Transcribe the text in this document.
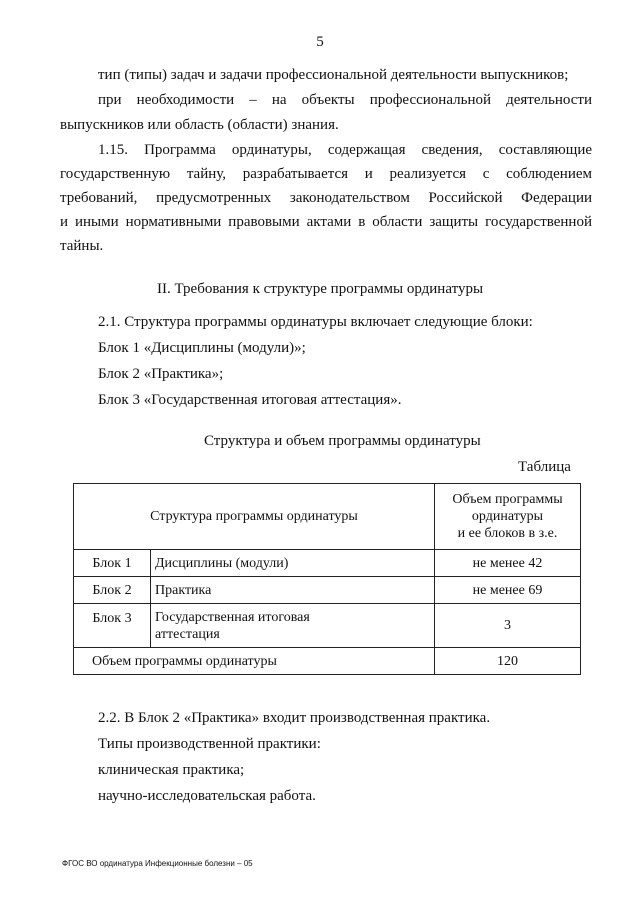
5
тип (типы) задач и задачи профессиональной деятельности выпускников;
при необходимости – на объекты профессиональной деятельности
выпускников или область (области) знания.
1.15. Программа ординатуры, содержащая сведения, составляющие
государственную тайну, разрабатывается и реализуется с соблюдением
требований, предусмотренных законодательством Российской Федерации
и иными нормативными правовыми актами в области защиты государственной
тайны.
II. Требования к структуре программы ординатуры
2.1. Структура программы ординатуры включает следующие блоки:
Блок 1 «Дисциплины (модули)»;
Блок 2 «Практика»;
Блок 3 «Государственная итоговая аттестация».
Структура и объем программы ординатуры
Таблица
Структура программы ординатуры		Объем программы
ординатуры
и ее блоков в з.е.

Блок 1	Дисциплины (модули)	не менее 42
Блок 2	Практика	не менее 69
Блок 3	Государственная итоговая
аттестация	3
Объем программы ординатуры		120
2.2. В Блок 2 «Практика» входит производственная практика.
Типы производственной практики:
клиническая практика;
научно-исследовательская работа.
ФГОС ВО ординатура Инфекционные болезни – 05
